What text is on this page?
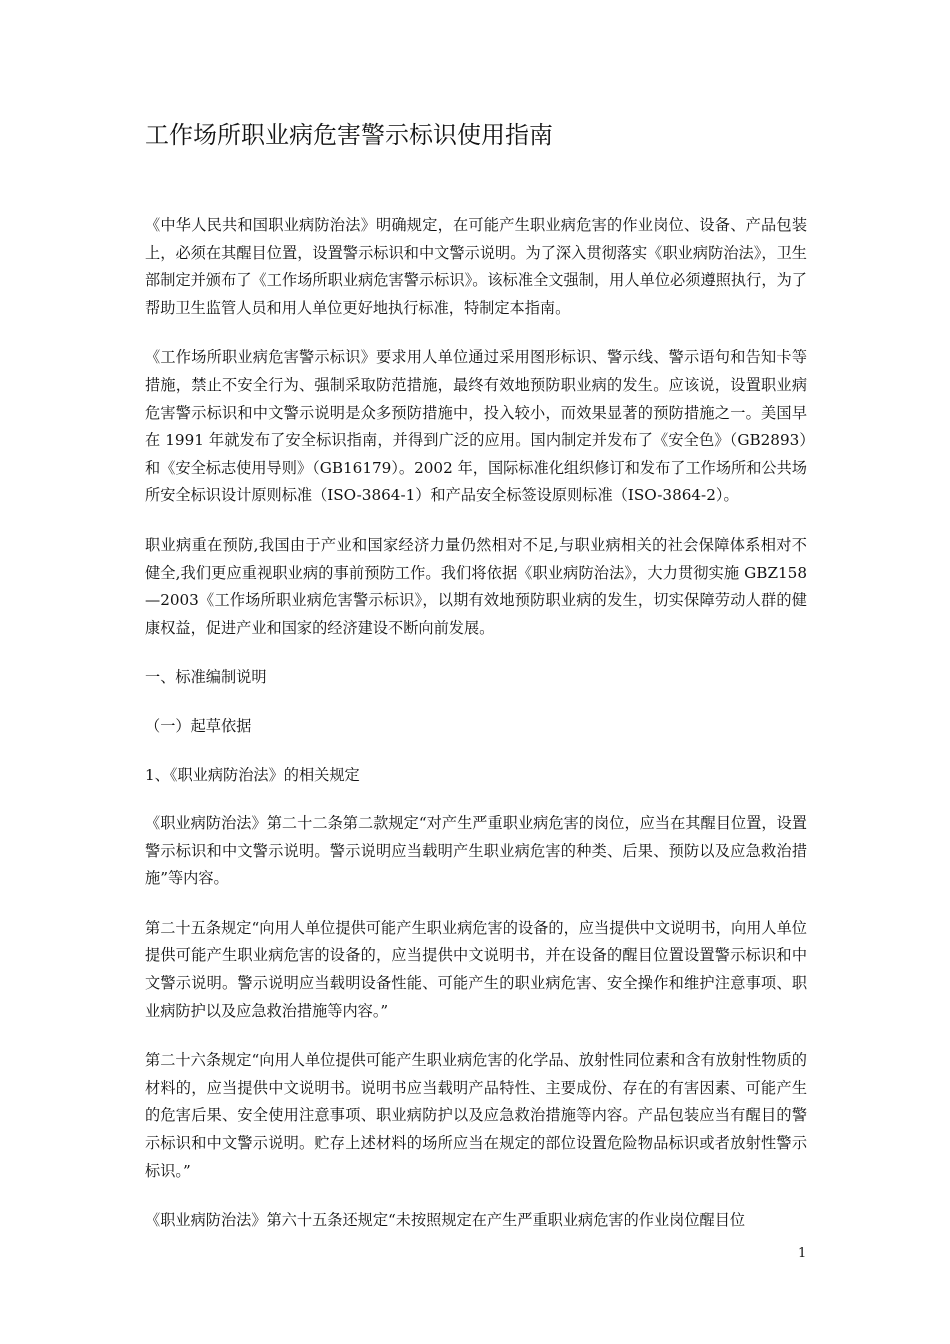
工作场所职业病危害警示标识使用指南

《中华人民共和国职业病防治法》明确规定，在可能产生职业病危害的作业岗位、设备、产品包装上，必须在其醒目位置，设置警示标识和中文警示说明。为了深入贯彻落实《职业病防治法》，卫生部制定并颁布了《工作场所职业病危害警示标识》。该标准全文强制，用人单位必须遵照执行，为了帮助卫生监管人员和用人单位更好地执行标准，特制定本指南。

《工作场所职业病危害警示标识》要求用人单位通过采用图形标识、警示线、警示语句和告知卡等措施，禁止不安全行为、强制采取防范措施，最终有效地预防职业病的发生。应该说，设置职业病危害警示标识和中文警示说明是众多预防措施中，投入较小，而效果显著的预防措施之一。美国早在 1991 年就发布了安全标识指南，并得到广泛的应用。国内制定并发布了《安全色》（GB2893）和《安全标志使用导则》（GB16179）。2002 年，国际标准化组织修订和发布了工作场所和公共场所安全标识设计原则标准（ISO-3864-1）和产品安全标签设原则标准（ISO-3864-2）。

职业病重在预防,我国由于产业和国家经济力量仍然相对不足,与职业病相关的社会保障体系相对不健全,我们更应重视职业病的事前预防工作。我们将依据《职业病防治法》，大力贯彻实施 GBZ158—2003《工作场所职业病危害警示标识》，以期有效地预防职业病的发生，切实保障劳动人群的健康权益，促进产业和国家的经济建设不断向前发展。

一、标准编制说明

（一）起草依据

1、《职业病防治法》的相关规定

《职业病防治法》第二十二条第二款规定“对产生严重职业病危害的岗位，应当在其醒目位置，设置警示标识和中文警示说明。警示说明应当载明产生职业病危害的种类、后果、预防以及应急救治措施”等内容。

第二十五条规定“向用人单位提供可能产生职业病危害的设备的，应当提供中文说明书，向用人单位提供可能产生职业病危害的设备的，应当提供中文说明书，并在设备的醒目位置设置警示标识和中文警示说明。警示说明应当载明设备性能、可能产生的职业病危害、安全操作和维护注意事项、职业病防护以及应急救治措施等内容。”

第二十六条规定“向用人单位提供可能产生职业病危害的化学品、放射性同位素和含有放射性物质的材料的，应当提供中文说明书。说明书应当载明产品特性、主要成份、存在的有害因素、可能产生的危害后果、安全使用注意事项、职业病防护以及应急救治措施等内容。产品包装应当有醒目的警示标识和中文警示说明。贮存上述材料的场所应当在规定的部位设置危险物品标识或者放射性警示标识。”

《职业病防治法》第六十五条还规定“未按照规定在产生严重职业病危害的作业岗位醒目位

1
